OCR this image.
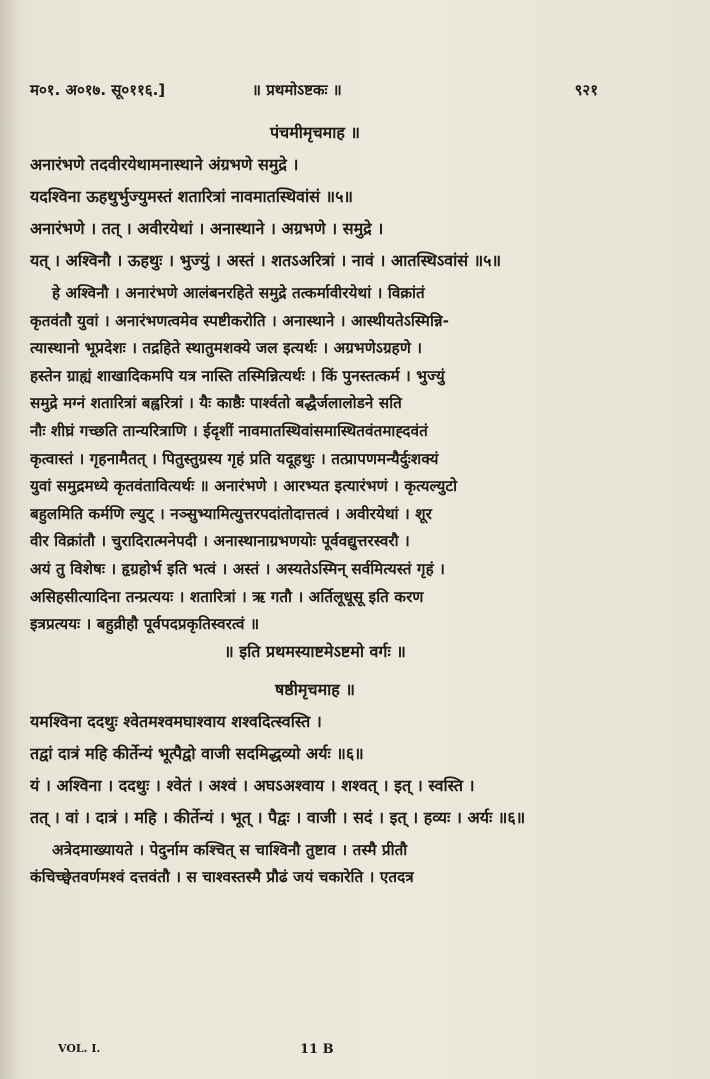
म०१. अ०१७. सू०११६.]	॥ प्रथमोऽष्टकः ॥	९२१
पंचमीमृचमाह ॥
अनारंभणे तदवीरयेथामनास्थाने अंग्रभणे समुद्रे ।
यदश्विना ऊहथुर्भुज्युमस्तं शतारित्रां नावमातस्थिवांसं ॥५॥
अनारंभणे । तत् । अवीरयेथां । अनास्थाने । अग्रभणे । समुद्रे ।
यत् । अश्विनौ । ऊहथुः । भुज्युं । अस्तं । शतऽअरित्रां । नावं । आतस्थिऽवांसं ॥५॥
हे अश्विनौ । अनारंभणे आलंबनरहिते समुद्रे तत्कर्मावीरयेथां । विक्रांतं
कृतवंतौ युवां । अनारंभणत्वमेव स्पष्टीकरोति । अनास्थाने । आस्थीयतेऽस्मिन्नि-
त्यास्थानो भूप्रदेशः । तद्रहिते स्थातुमशक्ये जल इत्यर्थः । अग्रभणेऽग्रहणे ।
हस्तेन ग्राह्यं शाखादिकमपि यत्र नास्ति तस्मिन्नित्यर्थः । किं पुनस्तत्कर्म । भुज्युं
समुद्रे मग्नं शतारित्रां बह्वरित्रां । यैः काष्ठैः पार्श्वतो बद्धैर्जलालोडने सति
नौः शीघ्रं गच्छति तान्यरित्राणि । ईदृशीं नावमातस्थिवांसमास्थितवंतमाह्दवंतं
कृत्वास्तं । गृहनामैतत् । पितुस्तुग्रस्य गृहं प्रति यदूहथुः । तत्प्रापणमन्यैर्दुःशक्यं
युवां समुद्रमध्ये कृतवंतावित्यर्थः ॥ अनारंभणे । आरभ्यत इत्यारंभणं । कृत्यल्युटो
बहुलमिति कर्मणि ल्युट् । नञ्सुभ्यामित्युत्तरपदांतोदात्तत्वं । अवीरयेथां । शूर
वीर विक्रांतौ । चुरादिरात्मनेपदी । अनास्थानाग्रभणयोः पूर्ववद्युत्तरस्वरौ ।
अयं तु विशेषः । हृग्रहोर्भ इति भत्वं । अस्तं । अस्यतेऽस्मिन् सर्वमित्यस्तं गृहं ।
असिहसीत्यादिना तन्प्रत्ययः । शतारित्रां । ऋ गतौ । अर्तिलूधूसू इति करण
इत्रप्रत्ययः । बहुव्रीहौ पूर्वपदप्रकृतिस्वरत्वं ॥
॥ इति प्रथमस्याष्टमेऽष्टमो वर्गः ॥
षष्ठीमृचमाह ॥
यमश्विना ददथुः श्वेतमश्वमघाश्वाय शश्वदित्स्वस्ति ।
तद्वां दात्रं महि कीर्तेन्यं भूत्पैद्वो वाजी सदमिद्धव्यो अर्यः ॥६॥
यं । अश्विना । ददथुः । श्वेतं । अश्वं । अघऽअश्वाय । शश्वत् । इत् । स्वस्ति ।
तत् । वां । दात्रं । महि । कीर्तेन्यं । भूत् । पैद्वः । वाजी । सदं । इत् । हव्यः । अर्यः ॥६॥
अत्रेदमाख्यायते । पेदुर्नाम कश्चित् स चाश्विनौ तुष्टाव । तस्मै प्रीतौ
कंचिच्छ्वेतवर्णमश्वं दत्तवंतौ । स चाश्वस्तस्मै प्रौढं जयं चकारेति । एतदत्र
VOL. I.	11 B
